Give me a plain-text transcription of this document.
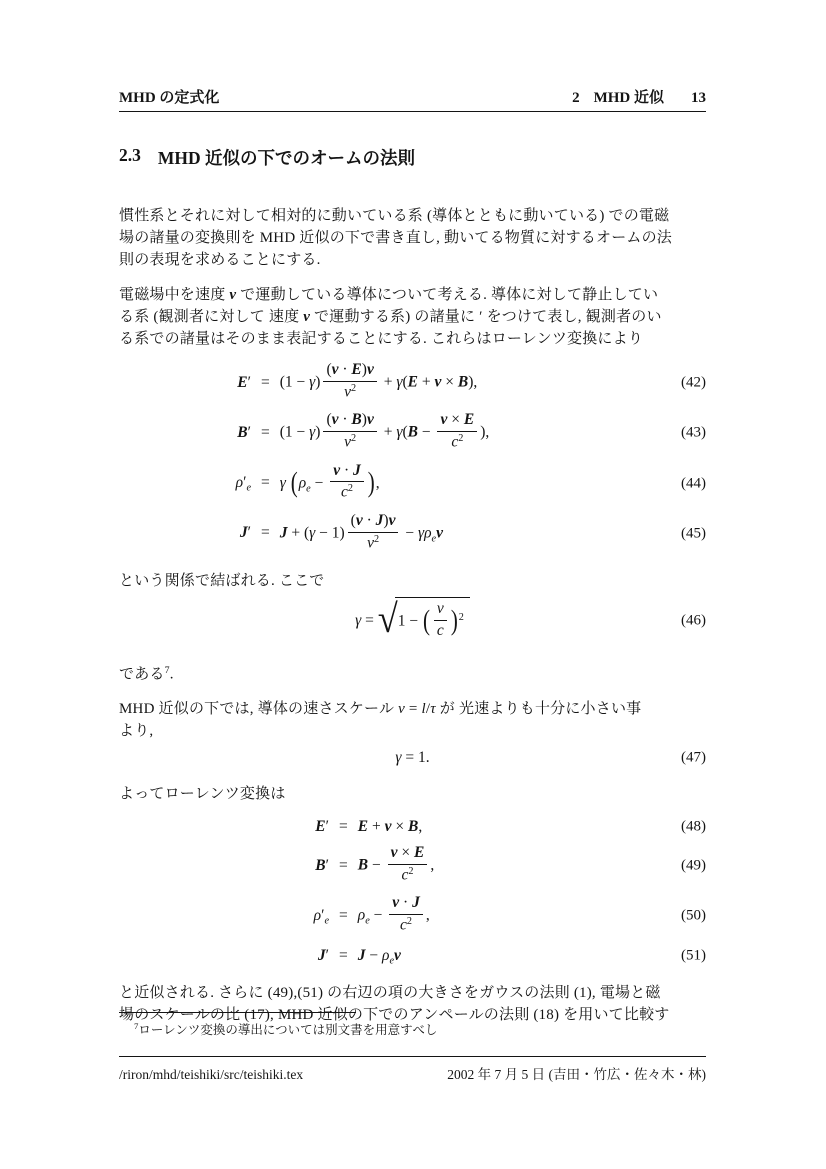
MHD の定式化	2 MHD 近似 13
2.3 MHD 近似の下でのオームの法則
慣性系とそれに対して相対的に動いている系 (導体とともに動いている) での電磁
場の諸量の変換則を MHD 近似の下で書き直し, 動いてる物質に対するオームの法
則の表現を求めることにする.
電磁場中を速度 v で運動している導体について考える. 導体に対して静止してい
る系 (観測者に対して 速度 v で運動する系) の諸量に ′ をつけて表し, 観測者のい
る系での諸量はそのまま表記することにする. これらはローレンツ変換により
$E' = (1 - \gamma) \frac{(v \cdot E)v}{v^2} + \gamma(E + v \times B)$,	(42)
$B' = (1 - \gamma) \frac{(v \cdot B)v}{v^2} + \gamma(B - \frac{v \times E}{c^2}$ ),	(43)
$\rho'_e = \gamma$ ($\rho_e - \frac{v \cdot J}{c^2}$ ),	(44)
$J' = J + (\gamma - 1) \frac{(v \cdot J)v}{v^2} - \gamma\rho_ev$	(45)
という関係で結ばれる. ここで
γ = √1 − ( $\frac{v}{c} )^2$	(46)
である$^7$.
MHD 近似の下では, 導体の速さスケール v = l/τ が 光速よりも十分に小さい事
より,
γ = 1.	(47)
よってローレンツ変換は
E′ = E + v × B,	(48)
$B' = B - \frac{v \times E}{c^2}$ ,	(49)
$\rho'_e = \rho_e - \frac{v \cdot J}{c^2}$ ,	(50)
$J' = J - \rho_ev$	(51)
と近似される. さらに (49),(51) の右辺の項の大きさをガウスの法則 (1), 電場と磁
場のスケールの比 (17), MHD 近似の下でのアンペールの法則 (18) を用いて比較す
$^7$ローレンツ変換の導出については別文書を用意すべし
/riron/mhd/teishiki/src/teishiki.tex	2002 年 7 月 5 日 (吉田・竹広・佐々木・林)
